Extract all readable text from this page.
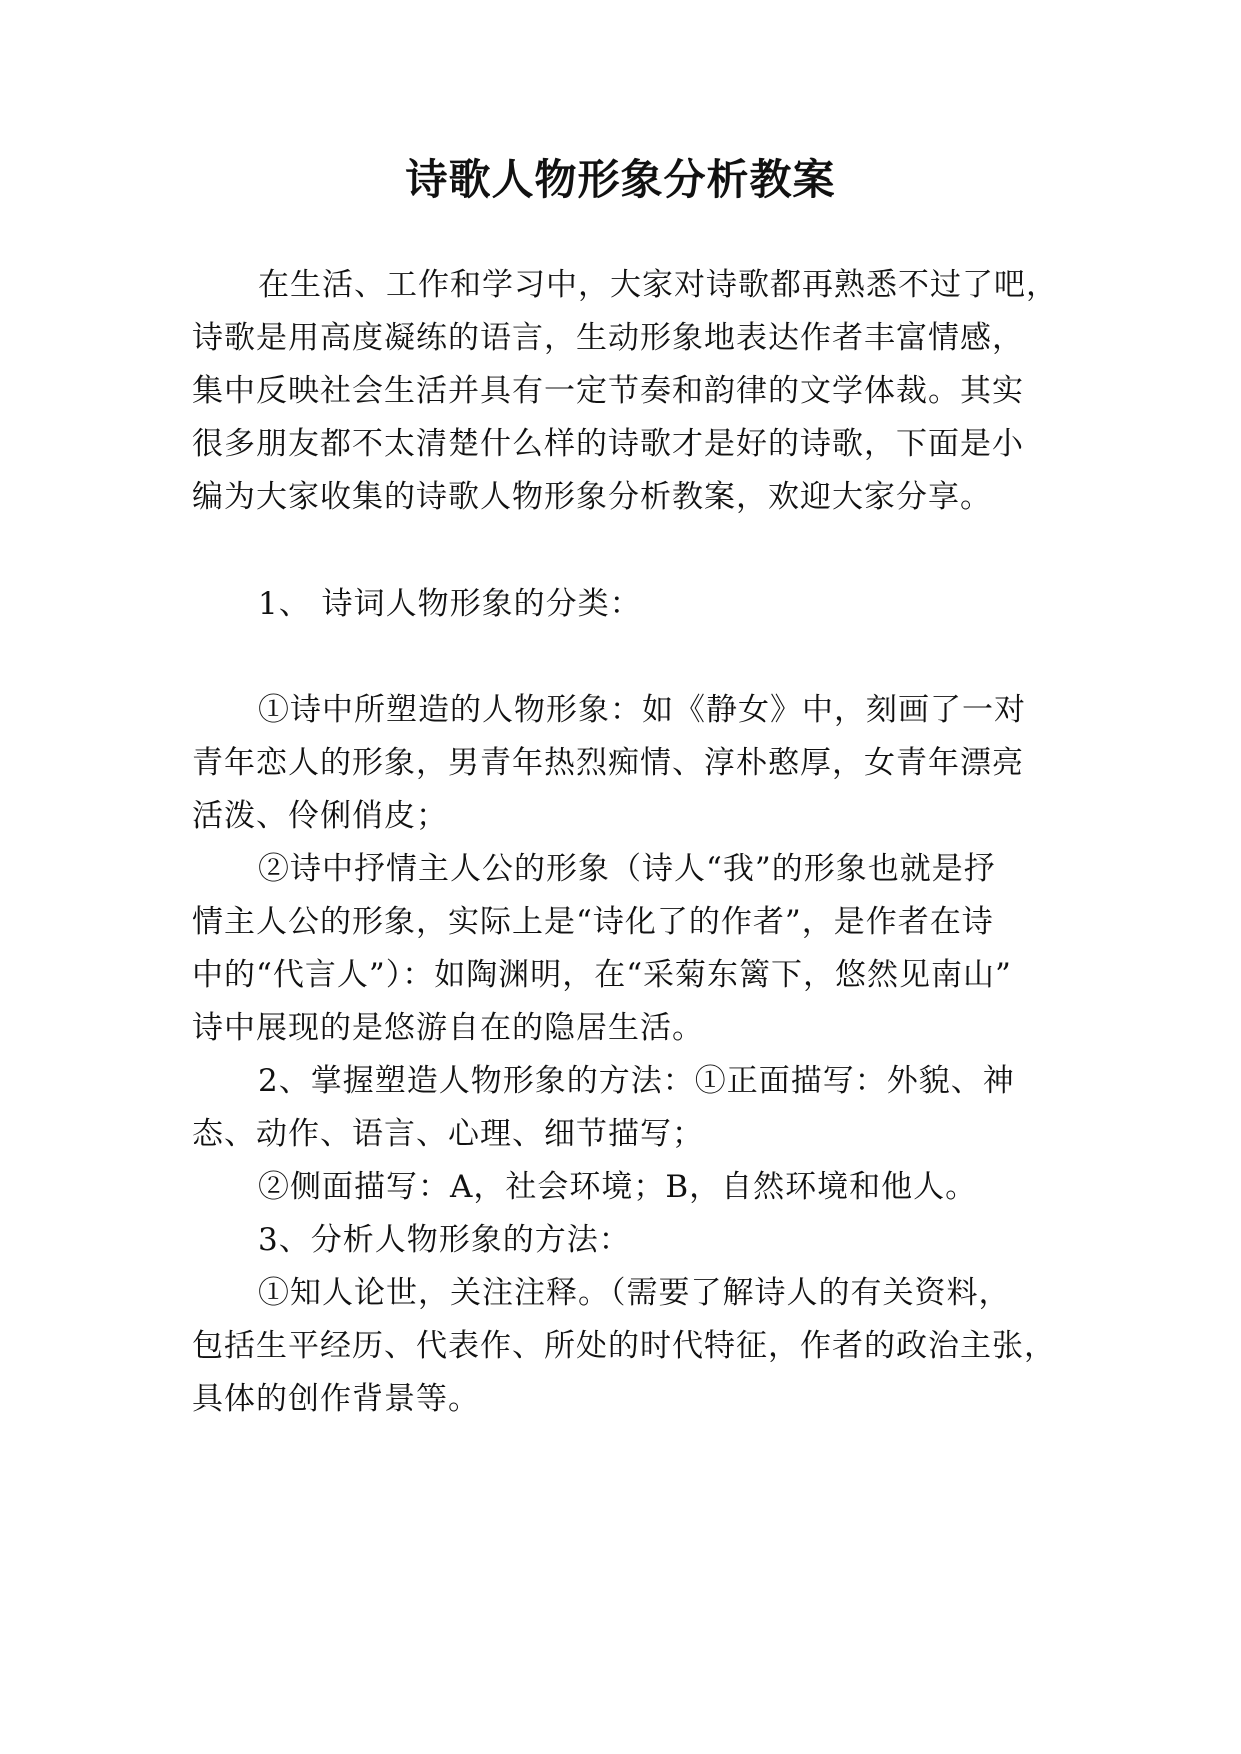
诗歌人物形象分析教案

在生活、工作和学习中，大家对诗歌都再熟悉不过了吧，

诗歌是用高度凝练的语言，生动形象地表达作者丰富情感，

集中反映社会生活并具有一定节奏和韵律的文学体裁。其实

很多朋友都不太清楚什么样的诗歌才是好的诗歌，下面是小

编为大家收集的诗歌人物形象分析教案，欢迎大家分享。

1、 诗词人物形象的分类：

①诗中所塑造的人物形象：如《静女》中，刻画了一对

青年恋人的形象，男青年热烈痴情、淳朴憨厚，女青年漂亮

活泼、伶俐俏皮；

②诗中抒情主人公的形象（诗人“我”的形象也就是抒

情主人公的形象，实际上是“诗化了的作者”，是作者在诗

中的“代言人”）：如陶渊明，在“采菊东篱下，悠然见南山”

诗中展现的是悠游自在的隐居生活。

2、掌握塑造人物形象的方法：①正面描写：外貌、神

态、动作、语言、心理、细节描写；

②侧面描写：A，社会环境；B，自然环境和他人。

3、分析人物形象的方法：

①知人论世，关注注释。（需要了解诗人的有关资料，

包括生平经历、代表作、所处的时代特征，作者的政治主张，

具体的创作背景等。
